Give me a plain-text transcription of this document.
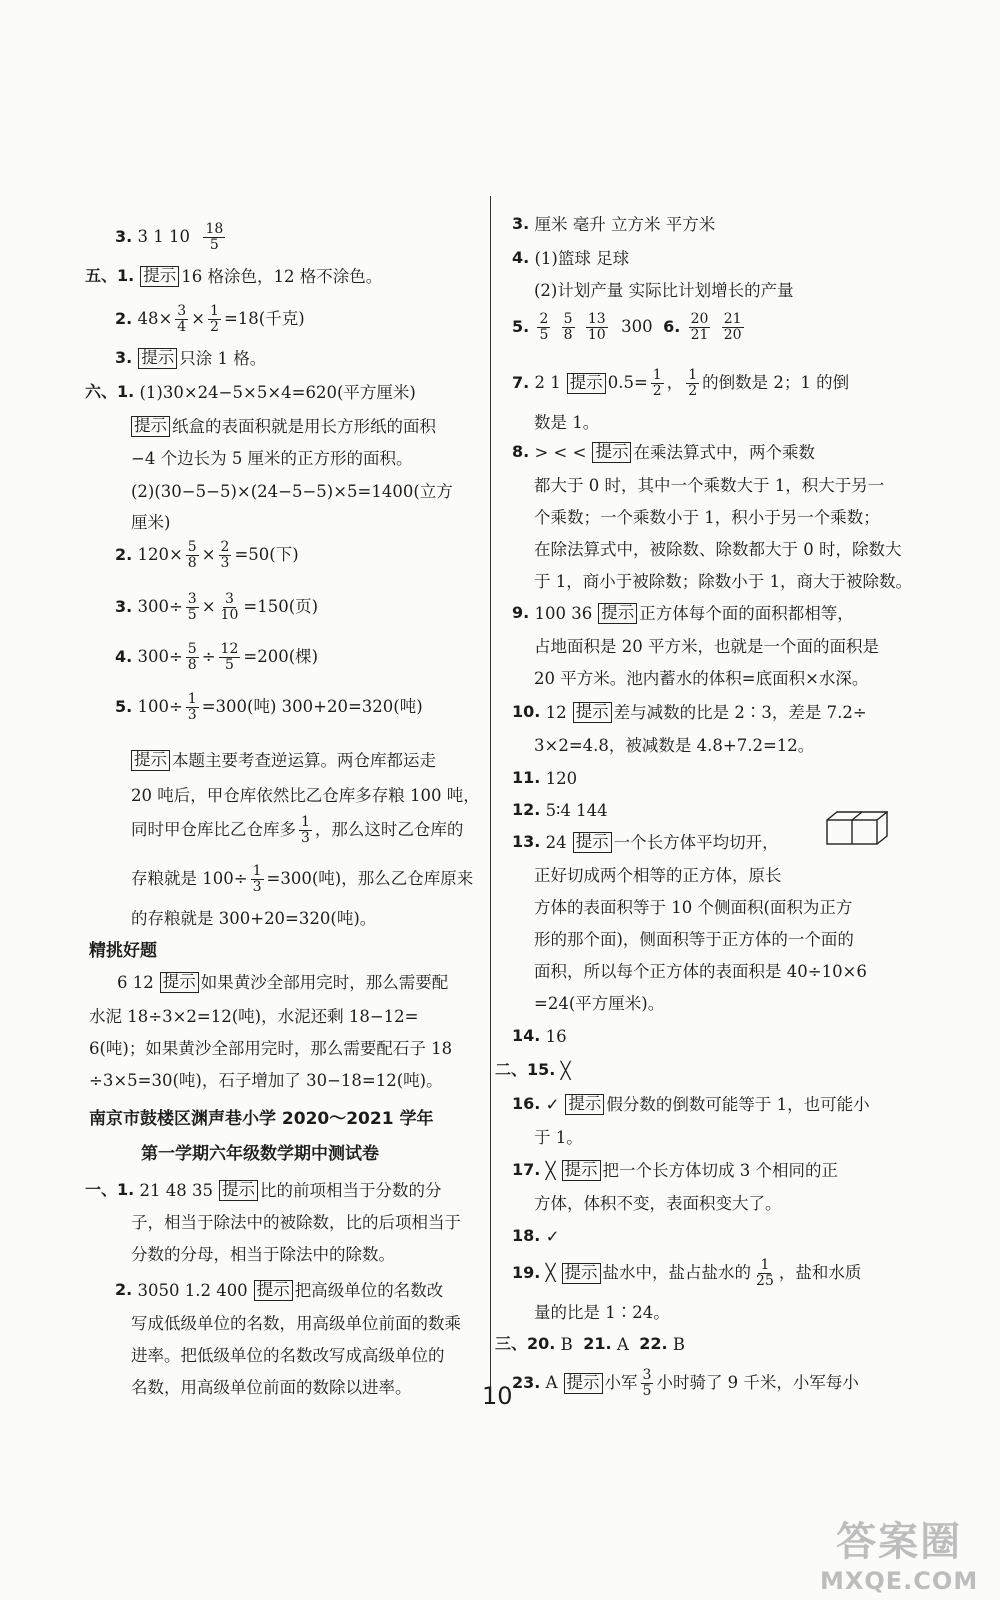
3.
3 1 10
$\frac{18}{5}$
五、 1. 提示 16 格涂色，12 格不涂色。
2.
$48\times \frac{3}{4} \times \frac{1}{2} =18$(千克)
3. 提示 只涂 1 格。
六、 1.
(1)30×24−5×5×4=620(平方厘米)
提示 纸盒的表面积就是用长方形纸的面积
−4 个边长为 5 厘米的正方形的面积。
(2)(30−5−5)×(24−5−5)×5=1400(立方
厘米)
2.
$120\times \frac{5}{8} \times \frac{2}{3} =50$(下)
3.
$300\div \frac{3}{5} \times \frac{3}{10} =150$(页)
4.
$300\div \frac{5}{8} \div \frac{12}{5} =200$(棵)
5.
$100\div \frac{1}{3} =300$(吨) 300+20=320(吨)
提示 本题主要考查逆运算。两仓库都运走
20 吨后，甲仓库依然比乙仓库多存粮 100 吨，
同时甲仓库比乙仓库多 $\frac{1}{3}$ ，那么这时乙仓库的
存粮就是 $100\div \frac{1}{3} =300$(吨)，那么乙仓库原来
的存粮就是 300+20=320(吨)。
精挑好题
6 12 提示 如果黄沙全部用完时，那么需要配
水泥 18÷3×2=12(吨)，水泥还剩 18−12=
6(吨)；如果黄沙全部用完时，那么需要配石子 18
÷3×5=30(吨)，石子增加了 30−18=12(吨)。
南京市鼓楼区渊声巷小学 2020～2021 学年
第一学期六年级数学期中测试卷
一、 1.
21 48 35 提示 比的前项相当于分数的分
子，相当于除法中的被除数，比的后项相当于
分数的分母，相当于除法中的除数。
2.
3050 1.2 400 提示 把高级单位的名数改
写成低级单位的名数，用高级单位前面的数乘
进率。把低级单位的名数改写成高级单位的
名数，用高级单位前面的数除以进率。
3.
厘米 毫升 立方米 平方米
4.
(1)篮球 足球
(2)计划产量 实际比计划增长的产量
5.
$\frac{2}{5}$
$\frac{5}{8}$
$\frac{13}{10}$
300
6.
$\frac{20}{21}$
$\frac{21}{20}$
7.
2 1 提示 $0.5= \frac{1}{2}$ ， $\frac{1}{2}$ 的倒数是 2；1 的倒
数是 1。
8.
> < < 提示 在乘法算式中，两个乘数
都大于 0 时，其中一个乘数大于 1，积大于另一
个乘数；一个乘数小于 1，积小于另一个乘数；
在除法算式中，被除数、除数都大于 0 时，除数大
于 1，商小于被除数；除数小于 1，商大于被除数。
9.
100 36 提示 正方体每个面的面积都相等，
占地面积是 20 平方米，也就是一个面的面积是
20 平方米。池内蓄水的体积=底面积×水深。
10.
12 提示 差与减数的比是 2∶3，差是 7.2÷
3×2=4.8，被减数是 4.8+7.2=12。
11.
120
12.
5∶4 144
13.
24 提示 一个长方体平均切开，
正好切成两个相等的正方体，原长
方体的表面积等于 10 个侧面积(面积为正方
形的那个面)，侧面积等于正方体的一个面的
面积，所以每个正方体的表面积是 40÷10×6
=24(平方厘米)。
14.
16
二、 15.
╳
16.
✓ 提示 假分数的倒数可能等于 1，也可能小
于 1。
17.
╳ 提示 把一个长方体切成 3 个相同的正
方体，体积不变，表面积变大了。
18.
✓
19.
╳ 提示 盐水中，盐占盐水的 $\frac{1}{25}$ ，盐和水质
量的比是 1∶24。
三、 20.
B
21.
A
22.
B
23.
A 提示 小军 $\frac{3}{5}$ 小时骑了 9 千米，小军每小
10
答案圈
MXQE.COM
